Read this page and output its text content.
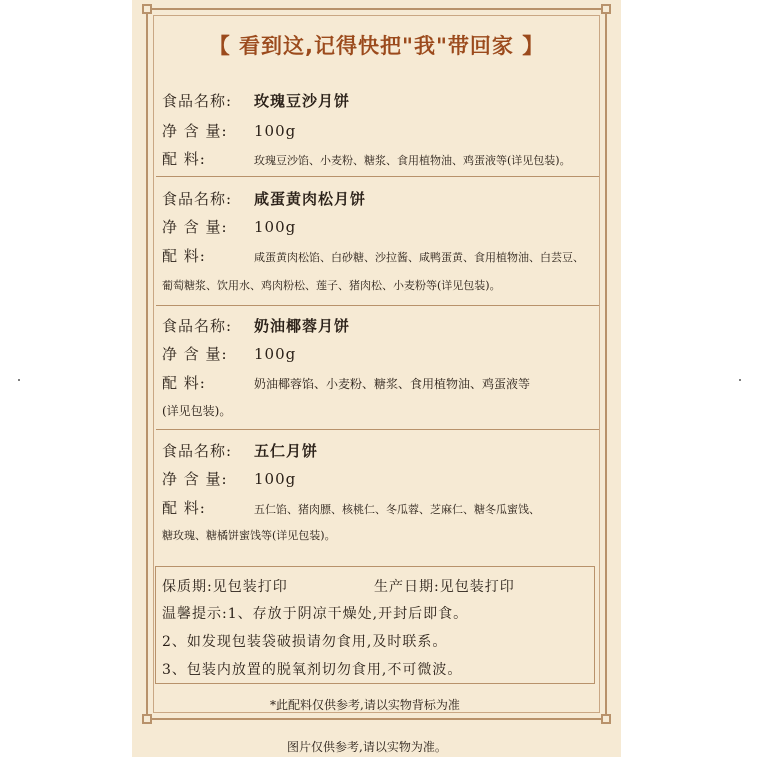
【 看到这,记得快把"我"带回家 】
食品名称: 玫瑰豆沙月饼
净 含 量: 100g
配 料:	玫瑰豆沙馅、小麦粉、糖浆、食用植物油、鸡蛋液等(详见包装)。
食品名称: 咸蛋黄肉松月饼
净 含 量: 100g
配 料:	咸蛋黄肉松馅、白砂糖、沙拉酱、咸鸭蛋黄、食用植物油、白芸豆、
葡萄糖浆、饮用水、鸡肉粉松、莲子、猪肉松、小麦粉等(详见包装)。
食品名称: 奶油椰蓉月饼
净 含 量: 100g
配 料:	奶油椰蓉馅、小麦粉、糖浆、食用植物油、鸡蛋液等
(详见包装)。
食品名称: 五仁月饼
净 含 量: 100g
配 料:	五仁馅、猪肉膘、核桃仁、冬瓜蓉、芝麻仁、糖冬瓜蜜饯、
糖玫瑰、糖橘饼蜜饯等(详见包装)。
保质期:见包装打印	生产日期:见包装打印
温馨提示:1、存放于阴凉干燥处,开封后即食。
2、如发现包装袋破损请勿食用,及时联系。
3、包装内放置的脱氧剂切勿食用,不可微波。
*此配料仅供参考,请以实物背标为准
图片仅供参考,请以实物为准。
